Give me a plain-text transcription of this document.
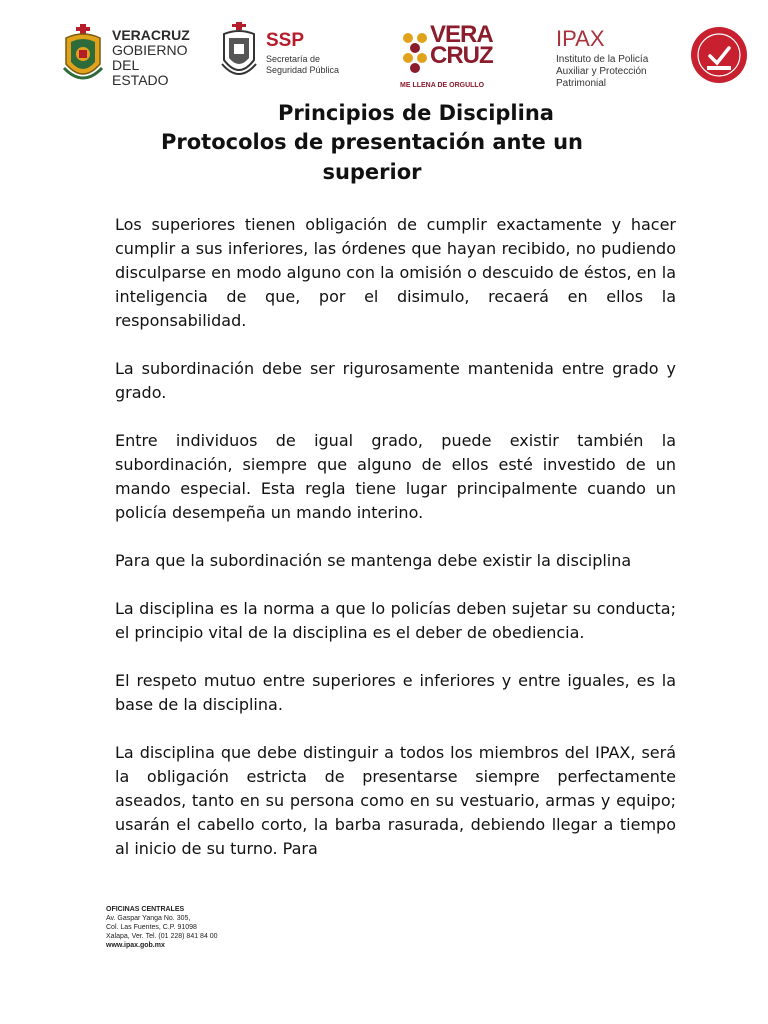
VERACRUZ
GOBIERNO
DEL ESTADO
SSP
Secretaría de
Seguridad Pública
VERA
CRUZ
ME LLENA DE ORGULLO
IPAX
Instituto de la Policía
Auxiliar y Protección
Patrimonial
Principios de Disciplina
Protocolos de presentación ante un
superior

Los superiores tienen obligación de cumplir exactamente y hacer cumplir a sus inferiores, las órdenes que hayan recibido, no pudiendo disculparse en modo alguno con la omisión o descuido de éstos, en la inteligencia de que, por el disimulo, recaerá en ellos la responsabilidad.

La subordinación debe ser rigurosamente mantenida entre grado y grado.

Entre individuos de igual grado, puede existir también la subordinación, siempre que alguno de ellos esté investido de un mando especial. Esta regla tiene lugar principalmente cuando un policía desempeña un mando interino.

Para que la subordinación se mantenga debe existir la disciplina

La disciplina es la norma a que lo policías deben sujetar su conducta; el principio vital de la disciplina es el deber de obediencia.

El respeto mutuo entre superiores e inferiores y entre iguales, es la base de la disciplina.

La disciplina que debe distinguir a todos los miembros del IPAX, será la obligación estricta de presentarse siempre perfectamente aseados, tanto en su persona como en su vestuario, armas y equipo; usarán el cabello corto, la barba rasurada, debiendo llegar a tiempo al inicio de su turno. Para

OFICINAS CENTRALES
Av. Gaspar Yanga No. 305,
Col. Las Fuentes, C.P. 91098
Xalapa, Ver. Tel. (01 228) 841 84 00
www.ipax.gob.mx
